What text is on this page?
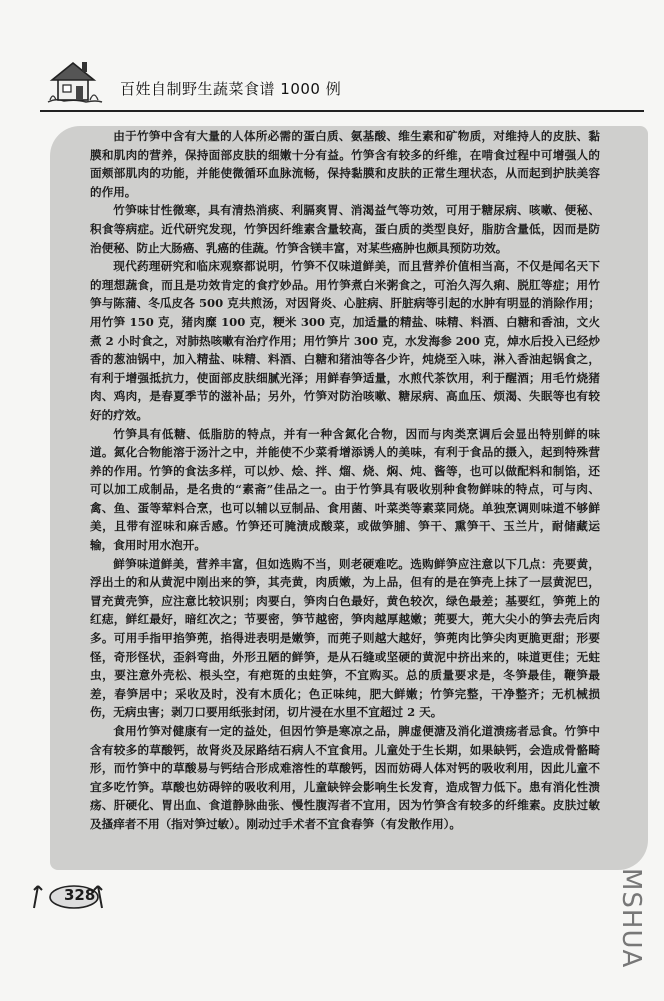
百姓自制野生蔬菜食谱 1000 例

由于竹笋中含有大量的人体所必需的蛋白质、氨基酸、维生素和矿物质，对维持人的皮肤、黏膜和肌肉的营养，保持面部皮肤的细嫩十分有益。竹笋含有较多的纤维，在啃食过程中可增强人的面颊部肌肉的功能，并能使微循环血脉流畅，保持黏膜和皮肤的正常生理状态，从而起到护肤美容的作用。

竹笋味甘性微寒，具有清热消痰、利膈爽胃、消渴益气等功效，可用于糖尿病、咳嗽、便秘、积食等病症。近代研究发现，竹笋因纤维素含量较高，蛋白质的类型良好，脂肪含量低，因而是防治便秘、防止大肠癌、乳癌的佳蔬。竹笋含镁丰富，对某些癌肿也颇具预防功效。

现代药理研究和临床观察都说明，竹笋不仅味道鲜美，而且营养价值相当高，不仅是闻名天下的理想蔬食，而且是功效肯定的食疗妙品。用竹笋煮白米粥食之，可治久泻久痢、脱肛等症；用竹笋与陈蒲、冬瓜皮各 500 克共煎汤，对因肾炎、心脏病、肝脏病等引起的水肿有明显的消除作用；用竹笋 150 克，猪肉糜 100 克，粳米 300 克，加适量的精盐、味精、料酒、白糖和香油，文火煮 2 小时食之，对肺热咳嗽有治疗作用；用竹笋片 300 克，水发海参 200 克，焯水后投入已经炒香的葱油锅中，加入精盐、味精、料酒、白糖和猪油等各少许，炖烧至入味，淋入香油起锅食之，有利于增强抵抗力，使面部皮肤细腻光泽；用鲜春笋适量，水煎代茶饮用，利于醒酒；用毛竹烧猪肉、鸡肉，是春夏季节的滋补品；另外，竹笋对防治咳嗽、糖尿病、高血压、烦渴、失眠等也有较好的疗效。

竹笋具有低糖、低脂肪的特点，并有一种含氮化合物，因而与肉类烹调后会显出特别鲜的味道。氮化合物能溶于汤汁之中，并能使不少菜肴增添诱人的美味，有利于食品的摄入，起到特殊营养的作用。竹笋的食法多样，可以炒、烩、拌、熘、烧、焖、炖、酱等，也可以做配料和制馅，还可以加工成制品，是名贵的“素斋”佳品之一。由于竹笋具有吸收别种食物鲜味的特点，可与肉、禽、鱼、蛋等荤料合烹，也可以辅以豆制品、食用菌、叶菜类等素菜同烧。单独烹调则味道不够鲜美，且带有涩味和麻舌感。竹笋还可腌渍成酸菜，或做笋脯、笋干、熏笋干、玉兰片，耐储藏运输，食用时用水泡开。

鲜笋味道鲜美，营养丰富，但如选购不当，则老硬难吃。选购鲜笋应注意以下几点：壳要黄，浮出土的和从黄泥中刚出来的笋，其壳黄，肉质嫩，为上品，但有的是在笋壳上抹了一层黄泥巴，冒充黄壳笋，应注意比较识别；肉要白，笋肉白色最好，黄色较次，绿色最差；基要红，笋蔸上的红痣，鲜红最好，暗红次之；节要密，笋节越密，笋肉越厚越嫩；蔸要大，蔸大尖小的笋去壳后肉多。可用手指甲掐笋蔸，掐得进表明是嫩笋，而蔸子则越大越好，笋蔸肉比笋尖肉更脆更甜；形要怪，奇形怪状，歪斜弯曲，外形丑陋的鲜笋，是从石缝或坚硬的黄泥中挤出来的，味道更佳；无蛀虫，要注意外壳松、根头空，有疤斑的虫蛀笋，不宜购买。总的质量要求是，冬笋最佳，鞭笋最差，春笋居中；采收及时，没有木质化；色正味纯，肥大鲜嫩；竹笋完整，干净整齐；无机械损伤，无病虫害；剥刀口要用纸张封闭，切片浸在水里不宜超过 2 天。

食用竹笋对健康有一定的益处，但因竹笋是寒凉之品，脾虚便溏及消化道溃疡者忌食。竹笋中含有较多的草酸钙，故肾炎及尿路结石病人不宜食用。儿童处于生长期，如果缺钙，会造成骨骼畸形，而竹笋中的草酸易与钙结合形成难溶性的草酸钙，因而妨碍人体对钙的吸收利用，因此儿童不宜多吃竹笋。草酸也妨碍锌的吸收利用，儿童缺锌会影响生长发育，造成智力低下。患有消化性溃疡、肝硬化、胃出血、食道静脉曲张、慢性腹泻者不宜用，因为竹笋含有较多的纤维素。皮肤过敏及搔痒者不用（指对笋过敏）。刚动过手术者不宜食春笋（有发散作用）。

328	MSHUA
